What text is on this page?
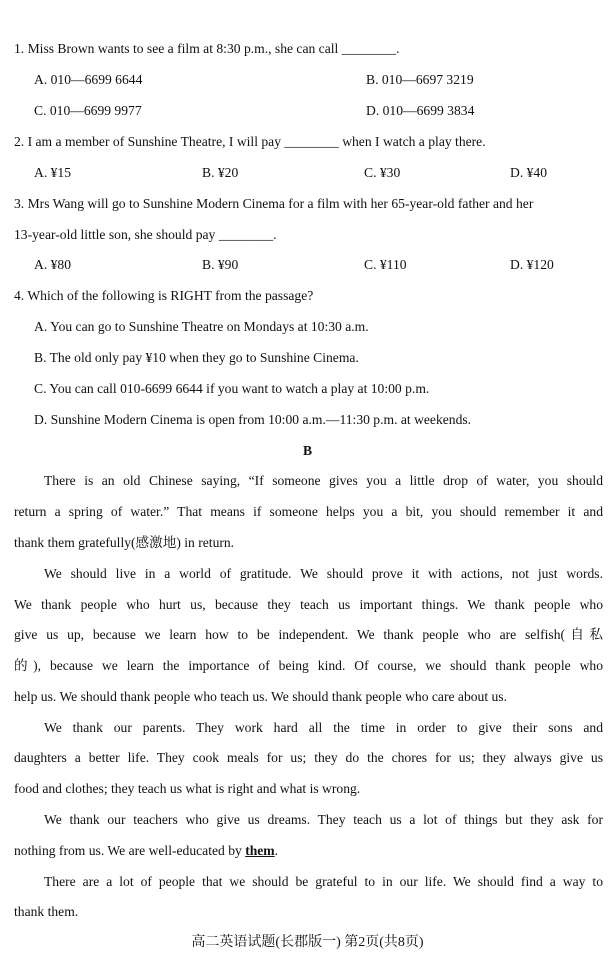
1. Miss Brown wants to see a film at 8:30 p.m., she can call ________.
A. 010—6699 6644	B. 010—6697 3219
C. 010—6699 9977	D. 010—6699 3834
2. I am a member of Sunshine Theatre, I will pay ________ when I watch a play there.
A. ¥15	B. ¥20	C. ¥30	D. ¥40
3. Mrs Wang will go to Sunshine Modern Cinema for a film with her 65-year-old father and her
13-year-old little son, she should pay ________.
A. ¥80	B. ¥90	C. ¥110	D. ¥120
4. Which of the following is RIGHT from the passage?
A. You can go to Sunshine Theatre on Mondays at 10:30 a.m.
B. The old only pay ¥10 when they go to Sunshine Cinema.
C. You can call 010-6699 6644 if you want to watch a play at 10:00 p.m.
D. Sunshine Modern Cinema is open from 10:00 a.m.—11:30 p.m. at weekends.
B
There is an old Chinese saying, “If someone gives you a little drop of water, you should
return a spring of water.” That means if someone helps you a bit, you should remember it and
thank them gratefully(感激地) in return.
We should live in a world of gratitude. We should prove it with actions, not just words.
We thank people who hurt us, because they teach us important things. We thank people who
give us up, because we learn how to be independent. We thank people who are selfish(自私
的), because we learn the importance of being kind. Of course, we should thank people who
help us. We should thank people who teach us. We should thank people who care about us.
We thank our parents. They work hard all the time in order to give their sons and
daughters a better life. They cook meals for us; they do the chores for us; they always give us
food and clothes; they teach us what is right and what is wrong.
We thank our teachers who give us dreams. They teach us a lot of things but they ask for
nothing from us. We are well-educated by them.
There are a lot of people that we should be grateful to in our life. We should find a way to
thank them.
高二英语试题(长郡版一) 第2页(共8页)
